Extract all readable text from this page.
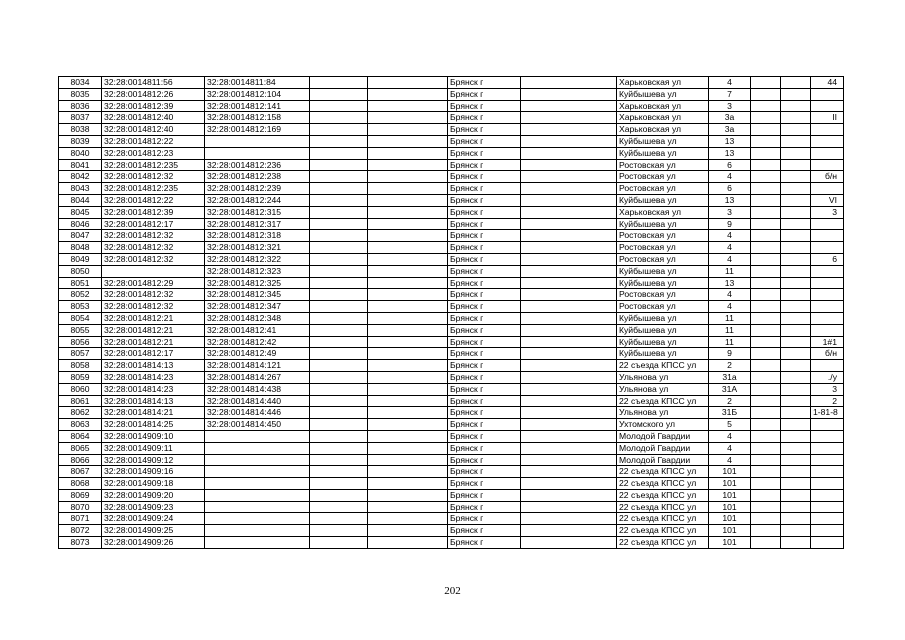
8034	32:28:0014811:56	32:28:0014811:84			Брянск г		Харьковская ул	4			44
8035	32:28:0014812:26	32:28:0014812:104			Брянск г		Куйбышева ул	7			
8036	32:28:0014812:39	32:28:0014812:141			Брянск г		Харьковская ул	3			
8037	32:28:0014812:40	32:28:0014812:158			Брянск г		Харьковская ул	3а			II
8038	32:28:0014812:40	32:28:0014812:169			Брянск г		Харьковская ул	3а			
8039	32:28:0014812:22				Брянск г		Куйбышева ул	13			
8040	32:28:0014812:23				Брянск г		Куйбышева ул	13			
8041	32:28:0014812:235	32:28:0014812:236			Брянск г		Ростовская ул	6			
8042	32:28:0014812:32	32:28:0014812:238			Брянск г		Ростовская ул	4			б/н
8043	32:28:0014812:235	32:28:0014812:239			Брянск г		Ростовская ул	6			
8044	32:28:0014812:22	32:28:0014812:244			Брянск г		Куйбышева ул	13			VI
8045	32:28:0014812:39	32:28:0014812:315			Брянск г		Харьковская ул	3			3
8046	32:28:0014812:17	32:28:0014812:317			Брянск г		Куйбышева ул	9			
8047	32:28:0014812:32	32:28:0014812:318			Брянск г		Ростовская ул	4			
8048	32:28:0014812:32	32:28:0014812:321			Брянск г		Ростовская ул	4			
8049	32:28:0014812:32	32:28:0014812:322			Брянск г		Ростовская ул	4			6
8050		32:28:0014812:323			Брянск г		Куйбышева ул	11			
8051	32:28:0014812:29	32:28:0014812:325			Брянск г		Куйбышева ул	13			
8052	32:28:0014812:32	32:28:0014812:345			Брянск г		Ростовская ул	4			
8053	32:28:0014812:32	32:28:0014812:347			Брянск г		Ростовская ул	4			
8054	32:28:0014812:21	32:28:0014812:348			Брянск г		Куйбышева ул	11			
8055	32:28:0014812:21	32:28:0014812:41			Брянск г		Куйбышева ул	11			
8056	32:28:0014812:21	32:28:0014812:42			Брянск г		Куйбышева ул	11			1#1
8057	32:28:0014812:17	32:28:0014812:49			Брянск г		Куйбышева ул	9			б/н
8058	32:28:0014814:13	32:28:0014814:121			Брянск г		22 съезда КПСС ул	2			
8059	32:28:0014814:23	32:28:0014814:267			Брянск г		Ульянова ул	31а			./у
8060	32:28:0014814:23	32:28:0014814:438			Брянск г		Ульянова ул	31А			3
8061	32:28:0014814:13	32:28:0014814:440			Брянск г		22 съезда КПСС ул	2			2
8062	32:28:0014814:21	32:28:0014814:446			Брянск г		Ульянова ул	31Б			1-81-8
8063	32:28:0014814:25	32:28:0014814:450			Брянск г		Ухтомского ул	5			
8064	32:28:0014909:10				Брянск г		Молодой Гвардии	4			
8065	32:28:0014909:11				Брянск г		Молодой Гвардии	4			
8066	32:28:0014909:12				Брянск г		Молодой Гвардии	4			
8067	32:28:0014909:16				Брянск г		22 съезда КПСС ул	101			
8068	32:28:0014909:18				Брянск г		22 съезда КПСС ул	101			
8069	32:28:0014909:20				Брянск г		22 съезда КПСС ул	101			
8070	32:28:0014909:23				Брянск г		22 съезда КПСС ул	101			
8071	32:28:0014909:24				Брянск г		22 съезда КПСС ул	101			
8072	32:28:0014909:25				Брянск г		22 съезда КПСС ул	101			
8073	32:28:0014909:26				Брянск г		22 съезда КПСС ул	101			
202
